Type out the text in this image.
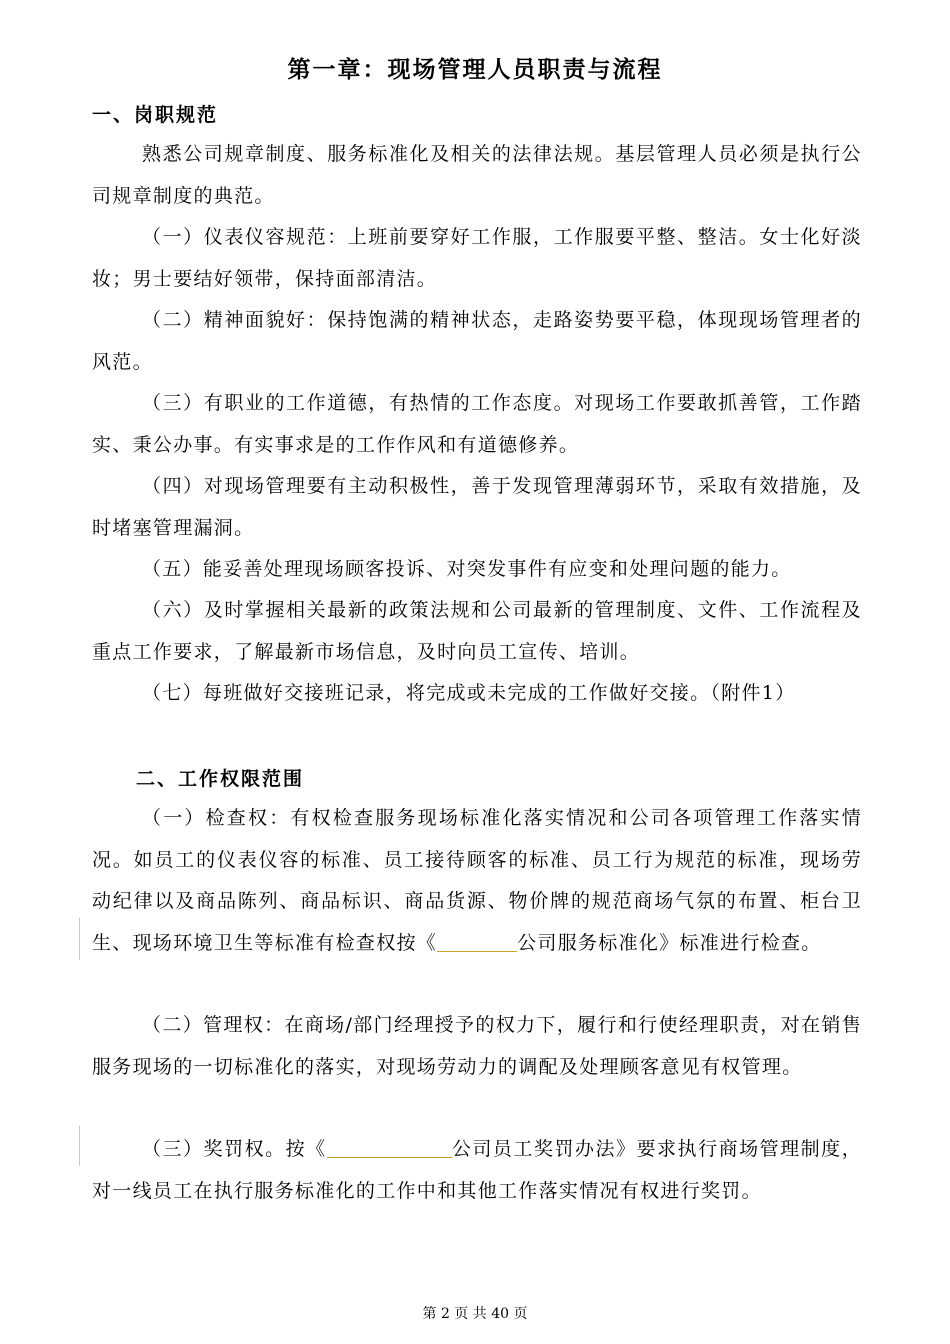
第一章：现场管理人员职责与流程
一、岗职规范

熟悉公司规章制度、服务标准化及相关的法律法规。基层管理人员必须是执行公司规章制度的典范。

（一）仪表仪容规范：上班前要穿好工作服，工作服要平整、整洁。女士化好淡妆；男士要结好领带，保持面部清洁。

（二）精神面貌好：保持饱满的精神状态，走路姿势要平稳，体现现场管理者的风范。

（三）有职业的工作道德，有热情的工作态度。对现场工作要敢抓善管，工作踏实、秉公办事。有实事求是的工作作风和有道德修养。

（四）对现场管理要有主动积极性，善于发现管理薄弱环节，采取有效措施，及时堵塞管理漏洞。

（五）能妥善处理现场顾客投诉、对突发事件有应变和处理问题的能力。

（六）及时掌握相关最新的政策法规和公司最新的管理制度、文件、工作流程及重点工作要求，了解最新市场信息，及时向员工宣传、培训。

（七）每班做好交接班记录，将完成或未完成的工作做好交接。（附件1）

二、工作权限范围

（一）检查权：有权检查服务现场标准化落实情况和公司各项管理工作落实情况。如员工的仪表仪容的标准、员工接待顾客的标准、员工行为规范的标准，现场劳动纪律以及商品陈列、商品标识、商品货源、物价牌的规范商场气氛的布置、柜台卫生、现场环境卫生等标准有检查权按《	公司服务标准化》标准进行检查。

（二）管理权：在商场/部门经理授予的权力下，履行和行使经理职责，对在销售服务现场的一切标准化的落实，对现场劳动力的调配及处理顾客意见有权管理。

（三）奖罚权。按《	公司员工奖罚办法》要求执行商场管理制度，对一线员工在执行服务标准化的工作中和其他工作落实情况有权进行奖罚。

第 2 页 共 40 页
